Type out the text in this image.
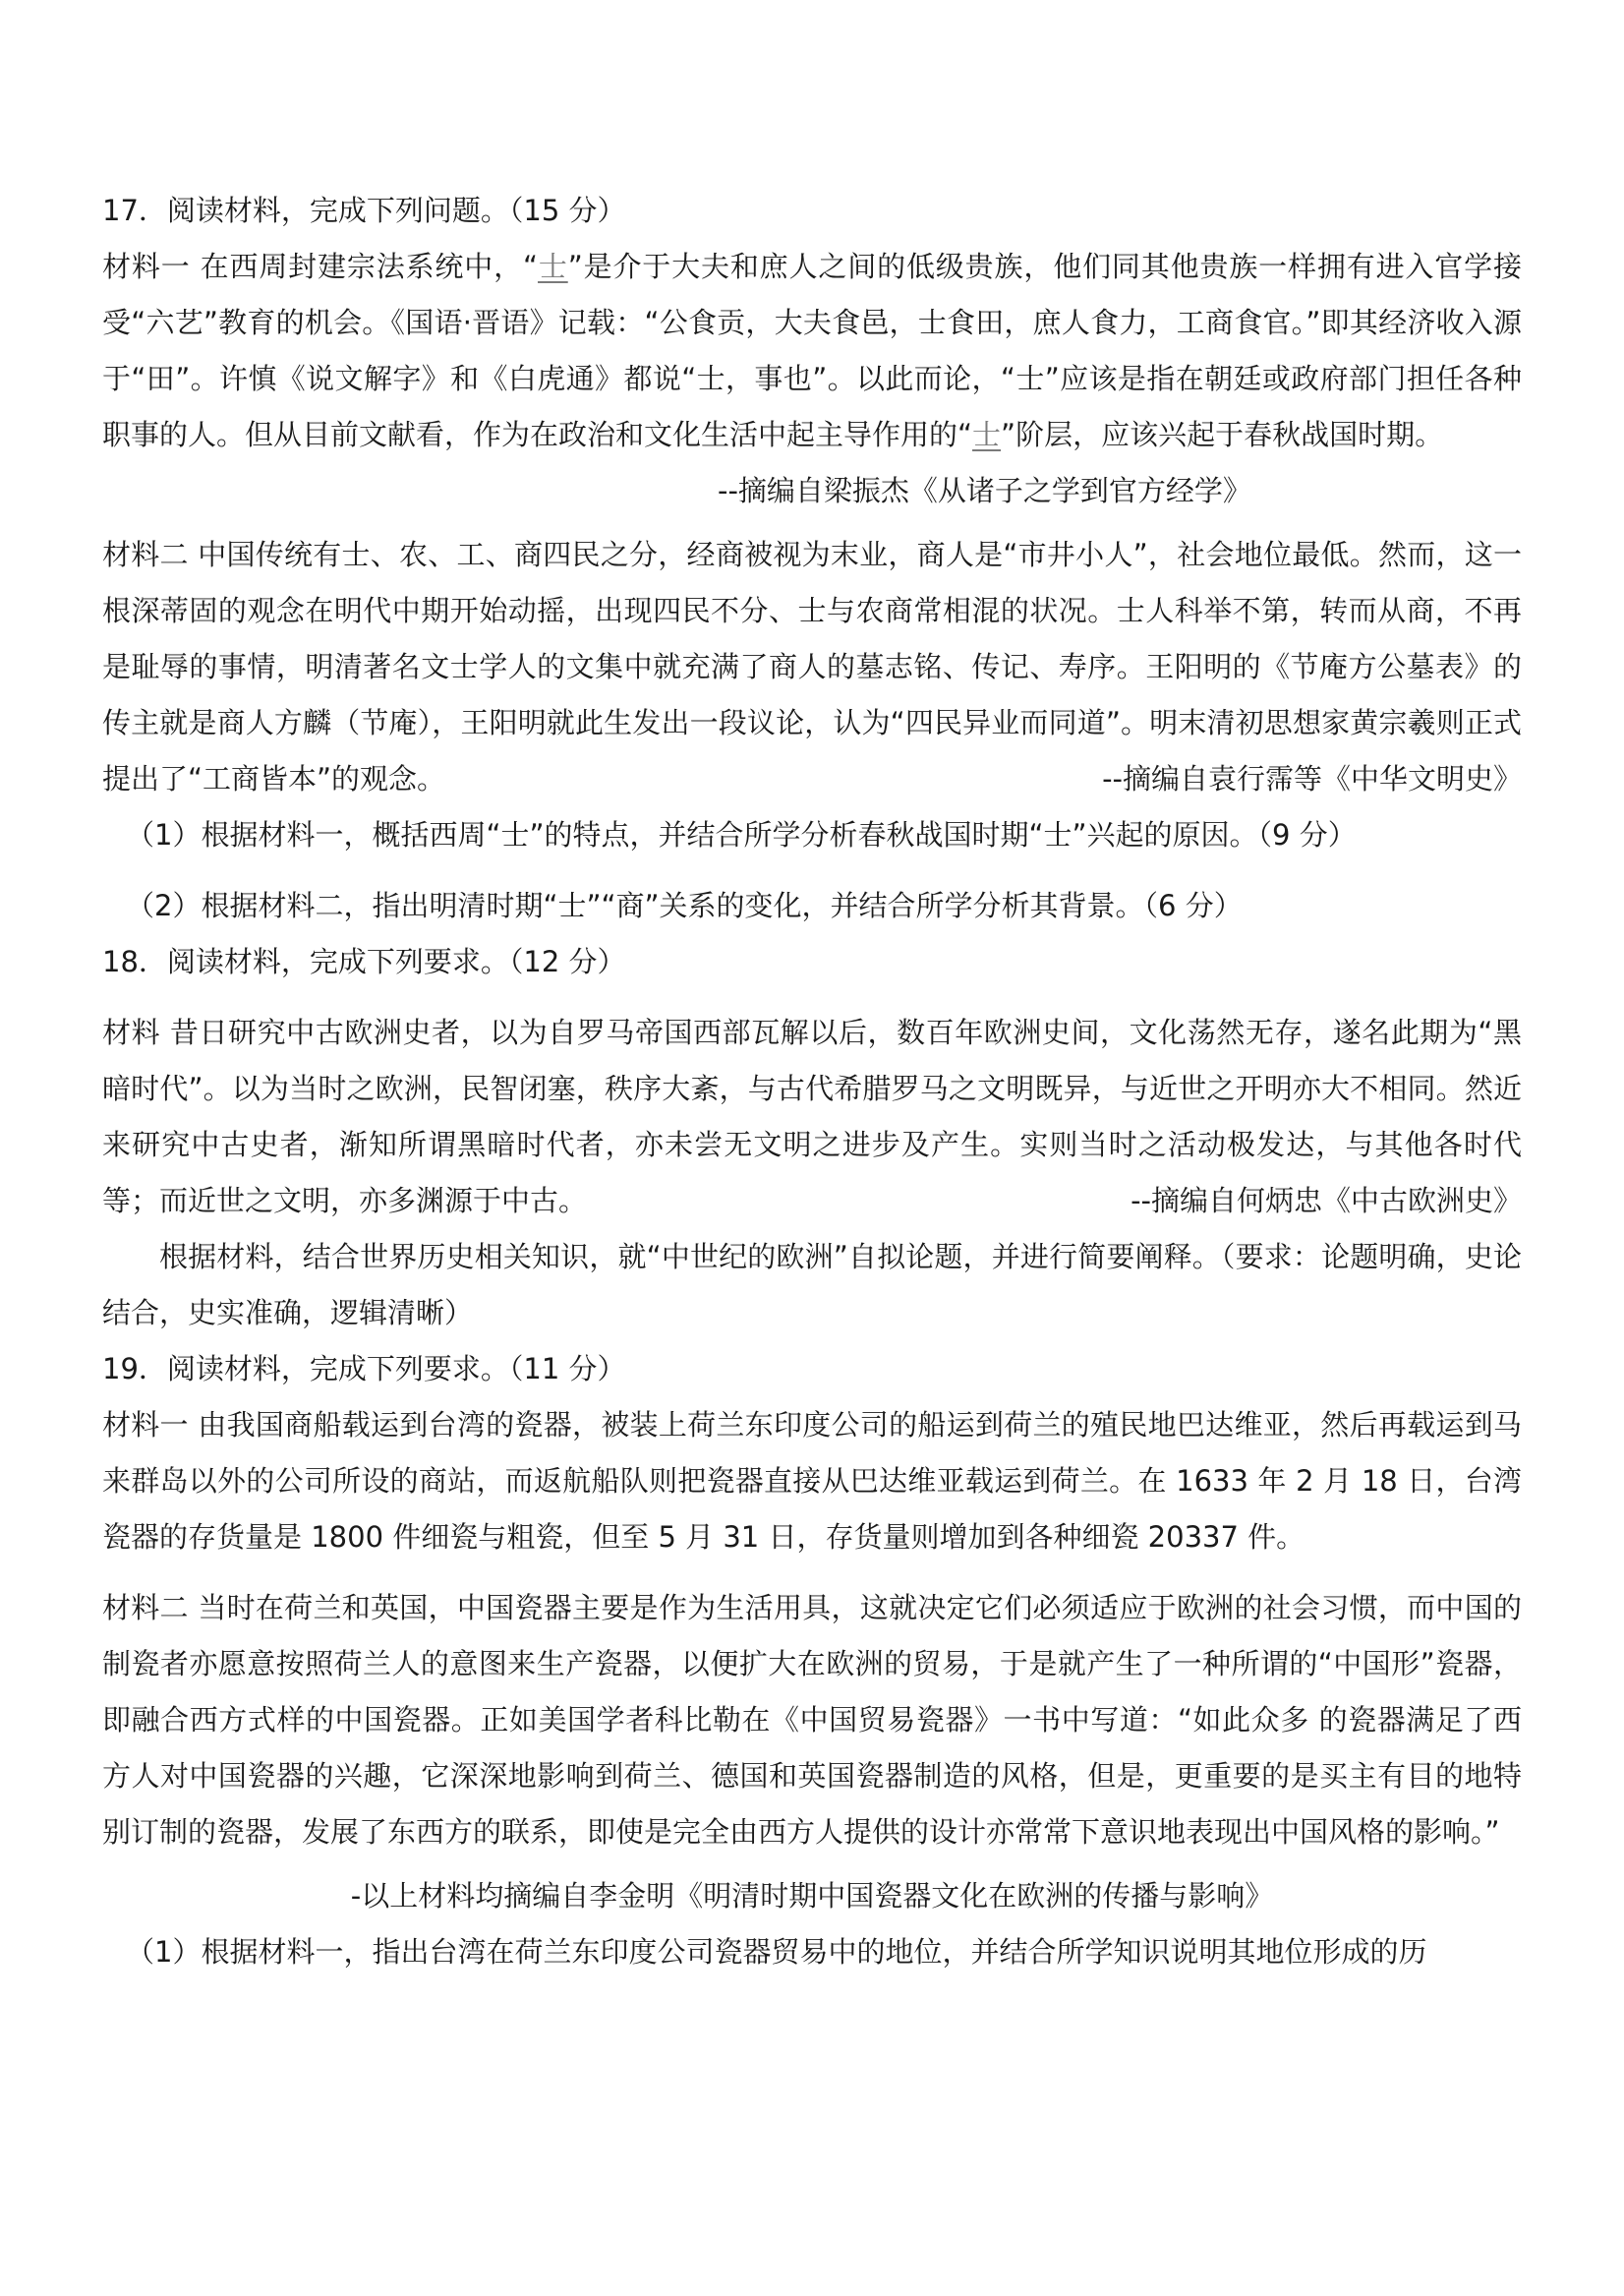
17．阅读材料，完成下列问题。（15 分）

材料一 在西周封建宗法系统中，“士”是介于大夫和庶人之间的低级贵族，他们同其他贵族一样拥有进入官学接受“六艺”教育的机会。《国语·晋语》记载：“公食贡，大夫食邑，士食田，庶人食力，工商食官。”即其经济收入源于“田”。许慎《说文解字》和《白虎通》都说“士，事也”。以此而论，“士”应该是指在朝廷或政府部门担任各种职事的人。但从目前文献看，作为在政治和文化生活中起主导作用的“士”阶层，应该兴起于春秋战国时期。

--摘编自梁振杰《从诸子之学到官方经学》

材料二 中国传统有士、农、工、商四民之分，经商被视为末业，商人是“市井小人”，社会地位最低。然而，这一根深蒂固的观念在明代中期开始动摇，出现四民不分、士与农商常相混的状况。士人科举不第，转而从商，不再是耻辱的事情，明清著名文士学人的文集中就充满了商人的墓志铭、传记、寿序。王阳明的《节庵方公墓表》的传主就是商人方麟（节庵），王阳明就此生发出一段议论，认为“四民异业而同道”。明末清初思想家黄宗羲则正式提出了“工商皆本”的观念。	--摘编自袁行霈等《中华文明史》

（1）根据材料一，概括西周“士”的特点，并结合所学分析春秋战国时期“士”兴起的原因。（9 分）

（2）根据材料二，指出明清时期“士”“商”关系的变化，并结合所学分析其背景。（6 分）

18．阅读材料，完成下列要求。（12 分）

材料 昔日研究中古欧洲史者，以为自罗马帝国西部瓦解以后，数百年欧洲史间，文化荡然无存，遂名此期为“黑暗时代”。以为当时之欧洲，民智闭塞，秩序大紊，与古代希腊罗马之文明既异，与近世之开明亦大不相同。然近来研究中古史者，渐知所谓黑暗时代者，亦未尝无文明之进步及产生。实则当时之活动极发达，与其他各时代等；而近世之文明，亦多渊源于中古。	--摘编自何炳忠《中古欧洲史》

根据材料，结合世界历史相关知识，就“中世纪的欧洲”自拟论题，并进行简要阐释。（要求：论题明确，史论结合，史实准确，逻辑清晰）

19．阅读材料，完成下列要求。（11 分）

材料一 由我国商船载运到台湾的瓷器，被装上荷兰东印度公司的船运到荷兰的殖民地巴达维亚，然后再载运到马来群岛以外的公司所设的商站，而返航船队则把瓷器直接从巴达维亚载运到荷兰。在 1633 年 2 月 18 日，台湾瓷器的存货量是 1800 件细瓷与粗瓷，但至 5 月 31 日，存货量则增加到各种细瓷 20337 件。

材料二 当时在荷兰和英国，中国瓷器主要是作为生活用具，这就决定它们必须适应于欧洲的社会习惯，而中国的制瓷者亦愿意按照荷兰人的意图来生产瓷器，以便扩大在欧洲的贸易，于是就产生了一种所谓的“中国形”瓷器，即融合西方式样的中国瓷器。正如美国学者科比勒在《中国贸易瓷器》一书中写道：“如此众多 的瓷器满足了西方人对中国瓷器的兴趣，它深深地影响到荷兰、德国和英国瓷器制造的风格，但是，更重要的是买主有目的地特别订制的瓷器，发展了东西方的联系，即使是完全由西方人提供的设计亦常常下意识地表现出中国风格的影响。”

-以上材料均摘编自李金明《明清时期中国瓷器文化在欧洲的传播与影响》

（1）根据材料一，指出台湾在荷兰东印度公司瓷器贸易中的地位，并结合所学知识说明其地位形成的历
